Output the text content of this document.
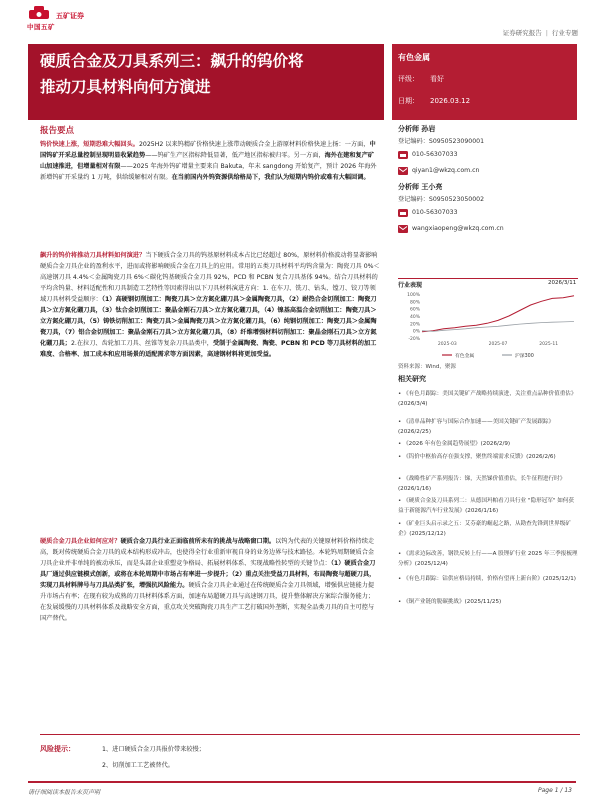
中国五矿
五矿证券
证券研究报告 | 行业专题
硬质合金及刀具系列三：飙升的钨价将
推动刀具材料向何方演进
有色金属
评级： 看好
日期： 2026.03.12
报告要点
钨价快速上涨，短期恐难大幅回头。2025H2 以来钨精矿价格快速上涨带动硬质合金上游原材料价格快速上扬：一方面，中国钨矿开采总量控制呈现明显收紧趋势——钨矿生产区指标降低显著，低产地区指标被归零。另一方面，海外在建和复产矿山加速推进，但增量相对有限——2025 年海外钨矿增量主要来自 Bakuta，年末 sangdong 开始复产，预计 2026 年海外新增钨矿开采量约 1 万吨，供给缓解相对有限。在当前国内外钨资源供给格局下，我们认为短期内钨价或难有大幅回调。
飙升的钨价将推动刀具材料如何演进？当下硬质合金刀具的钨基原材料成本占比已经超过 80%，原材料价格波动将显著影响硬质合金刀具企业的盈利水平，进而或将影响硬质合金在刀具上的应用。常用的五类刀具材料平均钨含量为：陶瓷刀具 0%＜高速钢刀具 4.4%＜金属陶瓷刀具 6%＜碳化钨基硬质合金刀具 92%，PCD 和 PCBN 复合刀具基体 94%。结合刀具材料的平均含钨量、材料适配性和刀具制造工艺特性等因素得出以下刀具材料演进方向：1. 在车刀、铣刀、钻头、镗刀、铰刀等领域刀具材料受益顺序：（1）高硬钢切削加工：陶瓷刀具＞立方氮化硼刀具＞金属陶瓷刀具，（2）耐热合金切削加工：陶瓷刀具＞立方氮化硼刀具，（3）钛合金切削加工：聚晶金刚石刀具＞立方氮化硼刀具，（4）镍基高温合金切削加工：陶瓷刀具＞立方氮化硼刀具，（5）铸铁切削加工：陶瓷刀具＞金属陶瓷刀具＞立方氮化硼刀具，（6）纯钢切削加工：陶瓷刀具＞金属陶瓷刀具，（7）铝合金切削加工：聚晶金刚石刀具＞立方氮化硼刀具，（8）纤维增强材料切削加工：聚晶金刚石刀具＞立方氮化硼刀具；2.在拉刀、齿轮加工刀具、丝锥等复杂刀具品类中，受制于金属陶瓷、陶瓷、PCBN 和 PCD 等刀具材料的加工难度、合格率、加工成本和应用场景的适配需求等方面因素，高速钢材料将更加受益。
硬质合金刀具企业如何应对？硬质合金刀具行业正面临前所未有的挑战与战略窗口期。以钨为代表的关键原材料价格持续走高，既对传统硬质合金刀具的成本结构形成冲击，也使得全行业重新审视自身的业务边界与技术路径。本轮钨周期硬质合金刀具企业并非单纯的被动承压，而是头部企业重塑竞争格局、拓展材料体系、实现战略性转型的关键节点：（1）硬质合金刀具厂通过供应链模式创新，或将在本轮周期中市场占有率进一步提升；（2）重点关注受益刀具材料，布局陶瓷与超硬刀具，实现刀具材料牌号与刀具品类扩张，增强抗风险能力。硬质合金刀具企业通过在传统硬质合金刀具领域，增强供应链能力提升市场占有率；在现有较为成熟的刀具材料体系方面，加速布局超硬刀具与高速钢刀具，提升整体解决方案综合服务能力；在发展缓慢的刀具材料体系及战略安全方面，重点攻关突破陶瓷刀具生产工艺打破国外垄断，实现全品类刀具的自主可控与国产替代。
分析师 孙岩
登记编码：S0950523090001
010-56307033
qiyan1@wkzq.com.cn
分析师 王小亮
登记编码：S0950523050002
010-56307033
wangxiaopeng@wkzq.com.cn
行业表现	2026/3/11
100%
80%
60%
40%
20%
0%
-20%
2025-03	2025-07	2025-11
有色金属	沪深300
资料来源：Wind，聚源
相关研究
• 《有色月跟踪：美国关键矿产战略持续演进，关注重点品种价值重估》(2026/3/4)
• 《清单品种扩容与国际合作加速——美国关键矿产发展跟踪》(2026/2/25)
• 《2026 年有色金属趋势展望》(2026/2/9)
• 《钨价中枢抬高存在强支撑，聚焦终端需求反馈》(2026/2/6)
• 《战略性矿产系列报告：锑，天然锑价值重估，长牛征程进行时》(2026/1/16)
• 《硬质合金及刀具系列二：从德国玛帕看刀具行业 "隐形冠军" 如何获益于新能源汽车行业发展》(2026/1/16)
• 《矿业巨头启示录之五：艾芬豪的崛起之路，从勘查先锋到世界级矿企》(2025/12/12)
• 《需求边际改善，钢铁反转上行——A 股锂矿行业 2025 年三季报梳理分析》(2025/12/4)
• 《有色月跟踪：钴供应格局持续，价格有望再上新台阶》(2025/12/1)
• 《铜产业链的脱碳挑战》(2025/11/25)
风险提示：	1、进口硬质合金刀具报价带来较慢；
2、切削加工工艺被替代。
请仔细阅读本报告末页声明	Page 1 / 13
